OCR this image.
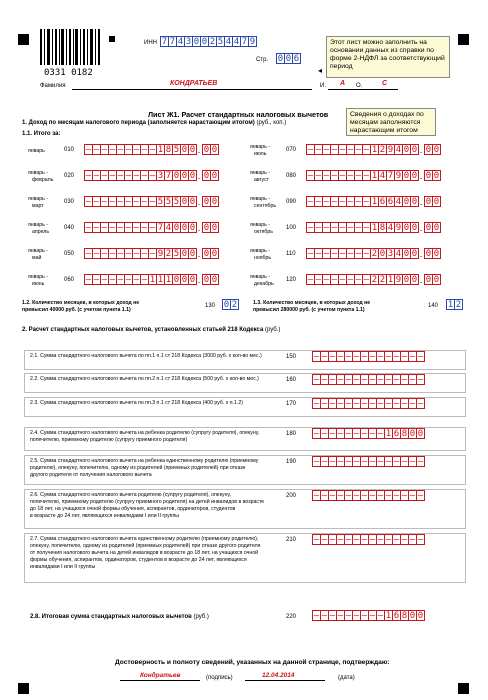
0331 0182
ИНН 7 7 4 3 0 0 2 5 4 4 7 9
Стр. 0 0 6
Этот лист можно заполнить на основании данных из справки по форме 2-НДФЛ за соответствующий период
◂
Фамилия	КОНДРАТЬЕВ	И. А О.	С
Лист Ж1. Расчет стандартных налоговых вычетов	Сведения о доходах по месяцам заполняются нарастающим итогом
1. Доход по месяцам налогового периода (заполняется нарастающим итогом) (руб., коп.)
1.1. Итого за:
январь	010 – – – – – – – – – 1 8 5 0 0 . 0 0
январь -
февраль
020 – – – – – – – – – 3 7 0 0 0 . 0 0
январь -
март
030 – – – – – – – – – 5 5 5 0 0 . 0 0
январь -
апрель
040 – – – – – – – – – 7 4 0 0 0 . 0 0
январь -
май
050 – – – – – – – – – 9 2 5 0 0 . 0 0
январь -
июнь
060 – – – – – – – – 1 1 1 0 0 0 . 0 0
январь -
июль
070 – – – – – – – – 1 2 9 4 0 0 . 0 0
январь -
август
080 – – – – – – – – 1 4 7 9 0 0 . 0 0
январь -
сентябрь
090 – – – – – – – – 1 6 6 4 0 0 . 0 0
январь -
октябрь
100 – – – – – – – – 1 8 4 9 0 0 . 0 0
январь -
ноябрь
110 – – – – – – – – 2 0 3 4 0 0 . 0 0
январь -
декабрь
120 – – – – – – – – 2 2 1 9 0 0 . 0 0
1.2. Количество месяцев, в которых доход не
превысил 40000 руб. (с учетом пункта 1.1)
130 0 2	1.3. Количество месяцев, в которых доход не
превысил 280000 руб. (с учетом пункта 1.1)
140 1 2
2. Расчет стандартных налоговых вычетов, установленных статьей 218 Кодекса (руб.)
2.1. Сумма стандартного налогового вычета по пп.1 п.1 ст 218 Кодекса (3000 руб. х кол-во мес.)	150 – – – – – – – – – – – – – –
2.2. Сумма стандартного налогового вычета по пп.2 п.1 ст 218 Кодекса (500 руб. х кол-во мес.)	160 – – – – – – – – – – – – – –
2.3. Сумма стандартного налогового вычета по пп.3 п.1 ст 218 Кодекса (400 руб. х п.1.2)	170 – – – – – – – – – – – – – –
2.4. Сумма стандартного налогового вычета на ребенка родителю (супругу родителя), опекуну,
попечителю, приемному родителю (супругу приемного родителя)
180 – – – – – – – – – 1 6 8 0 0
2.5. Сумма стандартного налогового вычета на ребенка единственному родителю (приемному
родителю), опекуну, попечителю, одному из родителей (приемных родителей) при отказе
другого родителя от получения налогового вычета
190 – – – – – – – – – – – – – –
2.6. Сумма стандартного налогового вычета родителю (супругу родителя), опекуну,
попечителю, приемному родителю (супругу приемного родителя) на детей инвалидов в возрасте
до 18 лет, на учащихся очной формы обучения, аспирантов, ординаторов, студентов
в возрасте до 24 лет, являющихся инвалидами I или II группы
200 – – – – – – – – – – – – – –
2.7. Сумма стандартного налогового вычета единственному родителю (приемному родителю),
опекуну, попечителю, одному из родителей (приемных родителей) при отказе другого родителя
от получения налогового вычета на детей инвалидов в возрасте до 18 лет, на учащихся очной
формы обучения, аспирантов, ординаторов, студентов в возрасте до 24 лет, являющихся
инвалидами I или II группы
210 – – – – – – – – – – – – – –
2.8. Итоговая сумма стандартных налоговых вычетов (руб.)	220 – – – – – – – – – 1 6 8 0 0
Достоверность и полноту сведений, указанных на данной странице, подтверждаю:
Кондратьев	(подпись)	12.04.2014	(дата)
